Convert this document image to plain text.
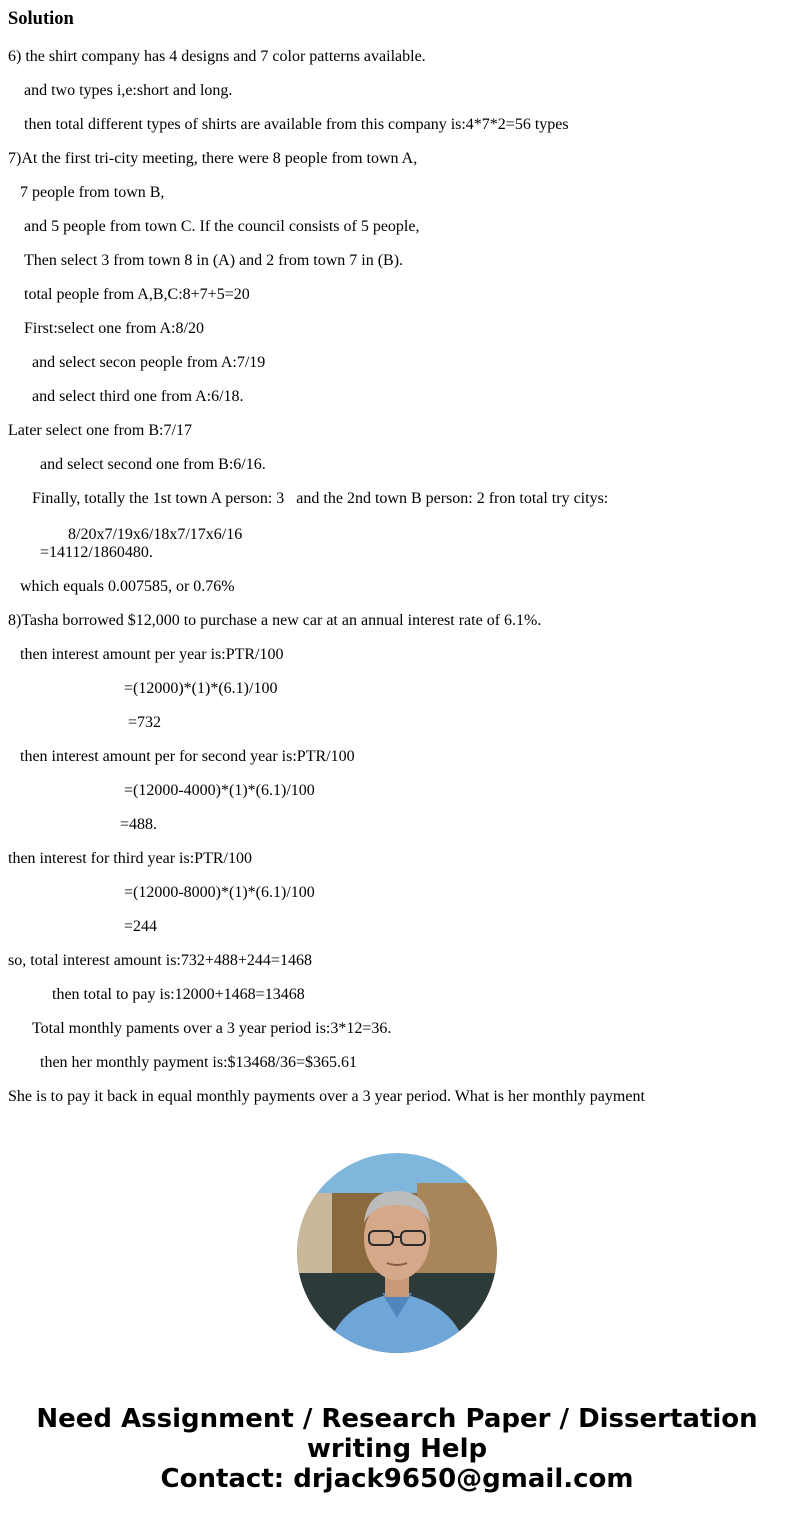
Solution
6) the shirt company has 4 designs and 7 color patterns available.
and two types i,e:short and long.
then total different types of shirts are available from this company is:4*7*2=56 types
7)At the first tri-city meeting, there were 8 people from town A,
7 people from town B,
and 5 people from town C. If the council consists of 5 people,
Then select 3 from town 8 in (A) and 2 from town 7 in (B).
total people from A,B,C:8+7+5=20
First:select one from A:8/20
and select secon people from A:7/19
and select third one from A:6/18.
Later select one from B:7/17
and select second one from B:6/16.
Finally, totally the 1st town A person: 3   and the 2nd town B person: 2 fron total try citys:
8/20x7/19x6/18x7/17x6/16
=14112/1860480.
which equals 0.007585, or 0.76%
8)Tasha borrowed $12,000 to purchase a new car at an annual interest rate of 6.1%.
then interest amount per year is:PTR/100
=(12000)*(1)*(6.1)/100
=732
then interest amount per for second year is:PTR/100
=(12000-4000)*(1)*(6.1)/100
=488.
then interest for third year is:PTR/100
=(12000-8000)*(1)*(6.1)/100
=244
so, total interest amount is:732+488+244=1468
then total to pay is:12000+1468=13468
Total monthly paments over a 3 year period is:3*12=36.
then her monthly payment is:$13468/36=$365.61
She is to pay it back in equal monthly payments over a 3 year period. What is her monthly payment
Need Assignment / Research Paper / Dissertation
writing Help
Contact: drjack9650@gmail.com
